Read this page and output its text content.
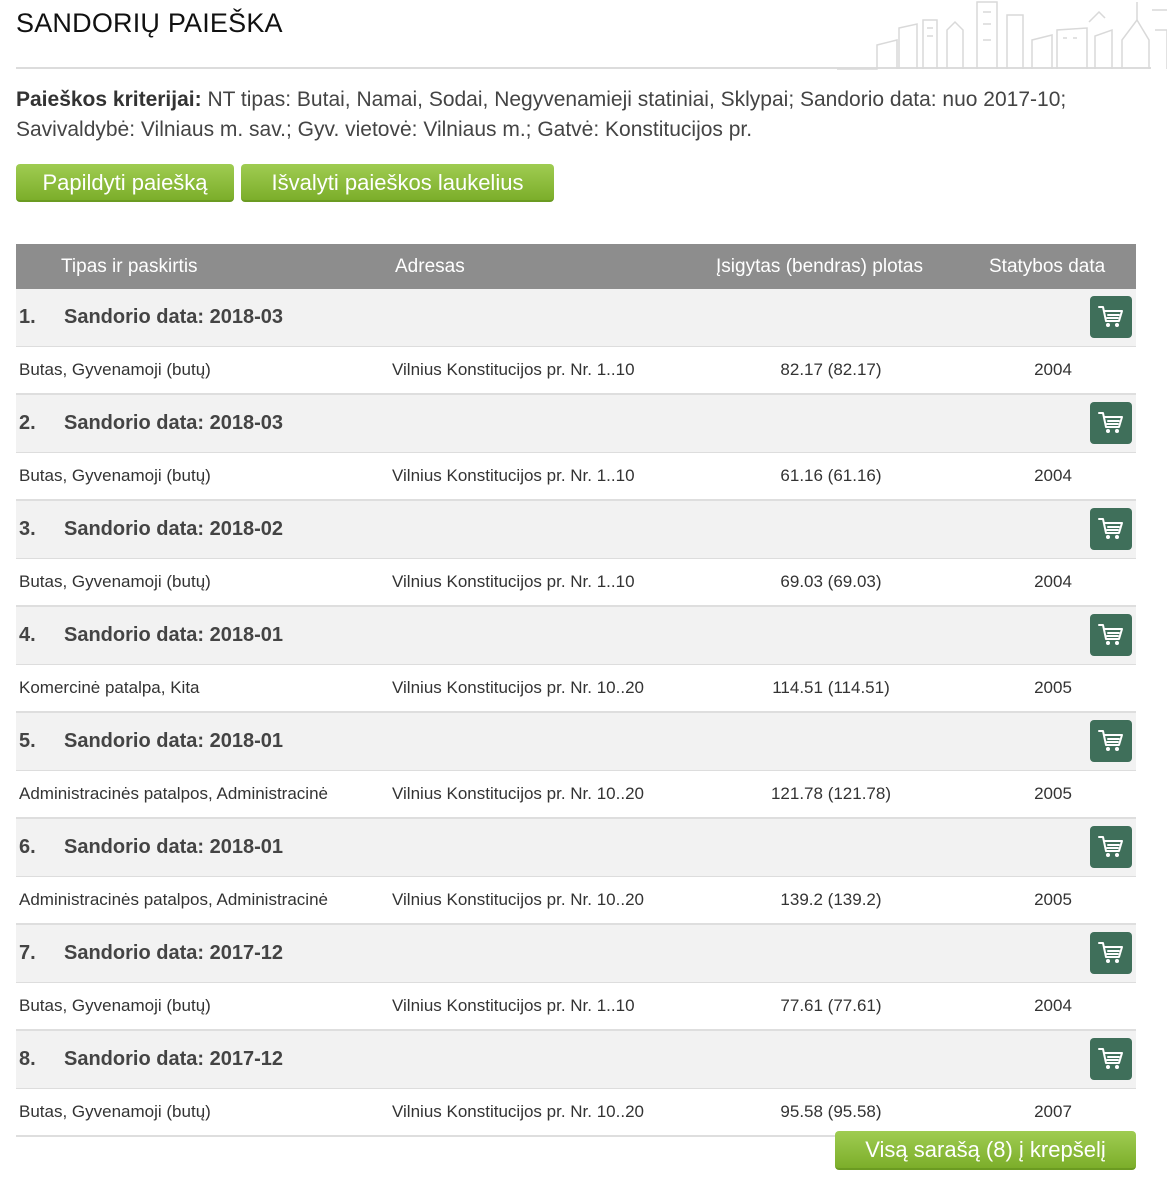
SANDORIŲ PAIEŠKA
Paieškos kriterijai: NT tipas: Butai, Namai, Sodai, Negyvenamieji statiniai, Sklypai; Sandorio data: nuo 2017-10; Savivaldybė: Vilniaus m. sav.; Gyv. vietovė: Vilniaus m.; Gatvė: Konstitucijos pr.
Papildyti paiešką	Išvalyti paieškos laukelius
Tipas ir paskirtis	Adresas	Įsigytas (bendras) plotas	Statybos data
1. Sandorio data: 2018-03
Butas, Gyvenamoji (butų)	Vilnius Konstitucijos pr. Nr. 1..10	82.17 (82.17)	2004
2. Sandorio data: 2018-03
Butas, Gyvenamoji (butų)	Vilnius Konstitucijos pr. Nr. 1..10	61.16 (61.16)	2004
3. Sandorio data: 2018-02
Butas, Gyvenamoji (butų)	Vilnius Konstitucijos pr. Nr. 1..10	69.03 (69.03)	2004
4. Sandorio data: 2018-01
Komercinė patalpa, Kita	Vilnius Konstitucijos pr. Nr. 10..20	114.51 (114.51)	2005
5. Sandorio data: 2018-01
Administracinės patalpos, Administracinė	Vilnius Konstitucijos pr. Nr. 10..20	121.78 (121.78)	2005
6. Sandorio data: 2018-01
Administracinės patalpos, Administracinė	Vilnius Konstitucijos pr. Nr. 10..20	139.2 (139.2)	2005
7. Sandorio data: 2017-12
Butas, Gyvenamoji (butų)	Vilnius Konstitucijos pr. Nr. 1..10	77.61 (77.61)	2004
8. Sandorio data: 2017-12
Butas, Gyvenamoji (butų)	Vilnius Konstitucijos pr. Nr. 10..20	95.58 (95.58)	2007
Visą sarašą (8) į krepšelį
